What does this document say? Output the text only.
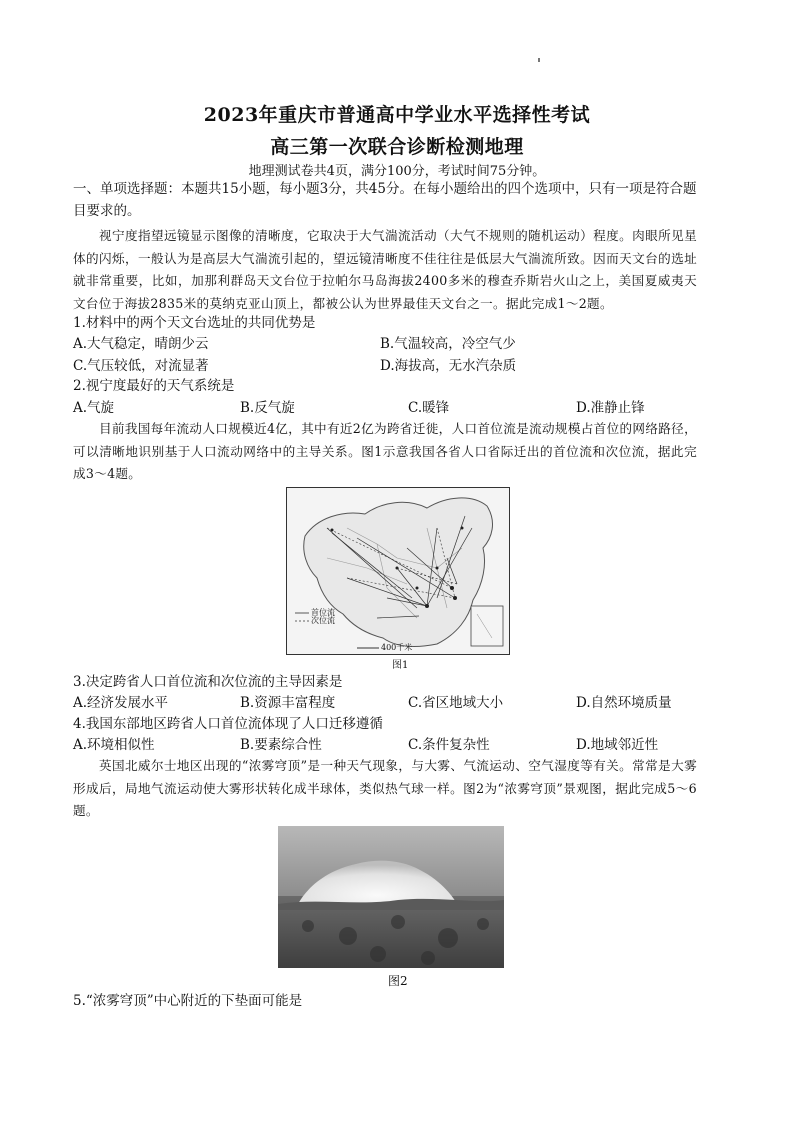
2023年重庆市普通高中学业水平选择性考试
高三第一次联合诊断检测地理
地理测试卷共4页，满分100分，考试时间75分钟。
一、单项选择题：本题共15小题，每小题3分，共45分。在每小题给出的四个选项中，只有一项是符合题目要求的。
视宁度指望远镜显示图像的清晰度，它取决于大气湍流活动（大气不规则的随机运动）程度。肉眼所见星体的闪烁，一般认为是高层大气湍流引起的，望远镜清晰度不佳往往是低层大气湍流所致。因而天文台的选址就非常重要，比如，加那利群岛天文台位于拉帕尔马岛海拔2400多米的穆查乔斯岩火山之上，美国夏威夷天文台位于海拔2835米的莫纳克亚山顶上，都被公认为世界最佳天文台之一。据此完成1～2题。
1.材料中的两个天文台选址的共同优势是
A.大气稳定，晴朗少云	B.气温较高，冷空气少
C.气压较低，对流显著	D.海拔高，无水汽杂质
2.视宁度最好的天气系统是
A.气旋	B.反气旋	C.暖锋	D.准静止锋
目前我国每年流动人口规模近4亿，其中有近2亿为跨省迁徙，人口首位流是流动规模占首位的网络路径，可以清晰地识别基于人口流动网络中的主导关系。图1示意我国各省人口省际迁出的首位流和次位流，据此完成3～4题。
首位流
次位流
400千米
图1
3.决定跨省人口首位流和次位流的主导因素是
A.经济发展水平	B.资源丰富程度	C.省区地域大小	D.自然环境质量
4.我国东部地区跨省人口首位流体现了人口迁移遵循
A.环境相似性	B.要素综合性	C.条件复杂性	D.地域邻近性
英国北威尔士地区出现的“浓雾穹顶”是一种天气现象，与大雾、气流运动、空气湿度等有关。常常是大雾形成后，局地气流运动使大雾形状转化成半球体，类似热气球一样。图2为“浓雾穹顶”景观图，据此完成5～6题。
图2
5.“浓雾穹顶”中心附近的下垫面可能是
